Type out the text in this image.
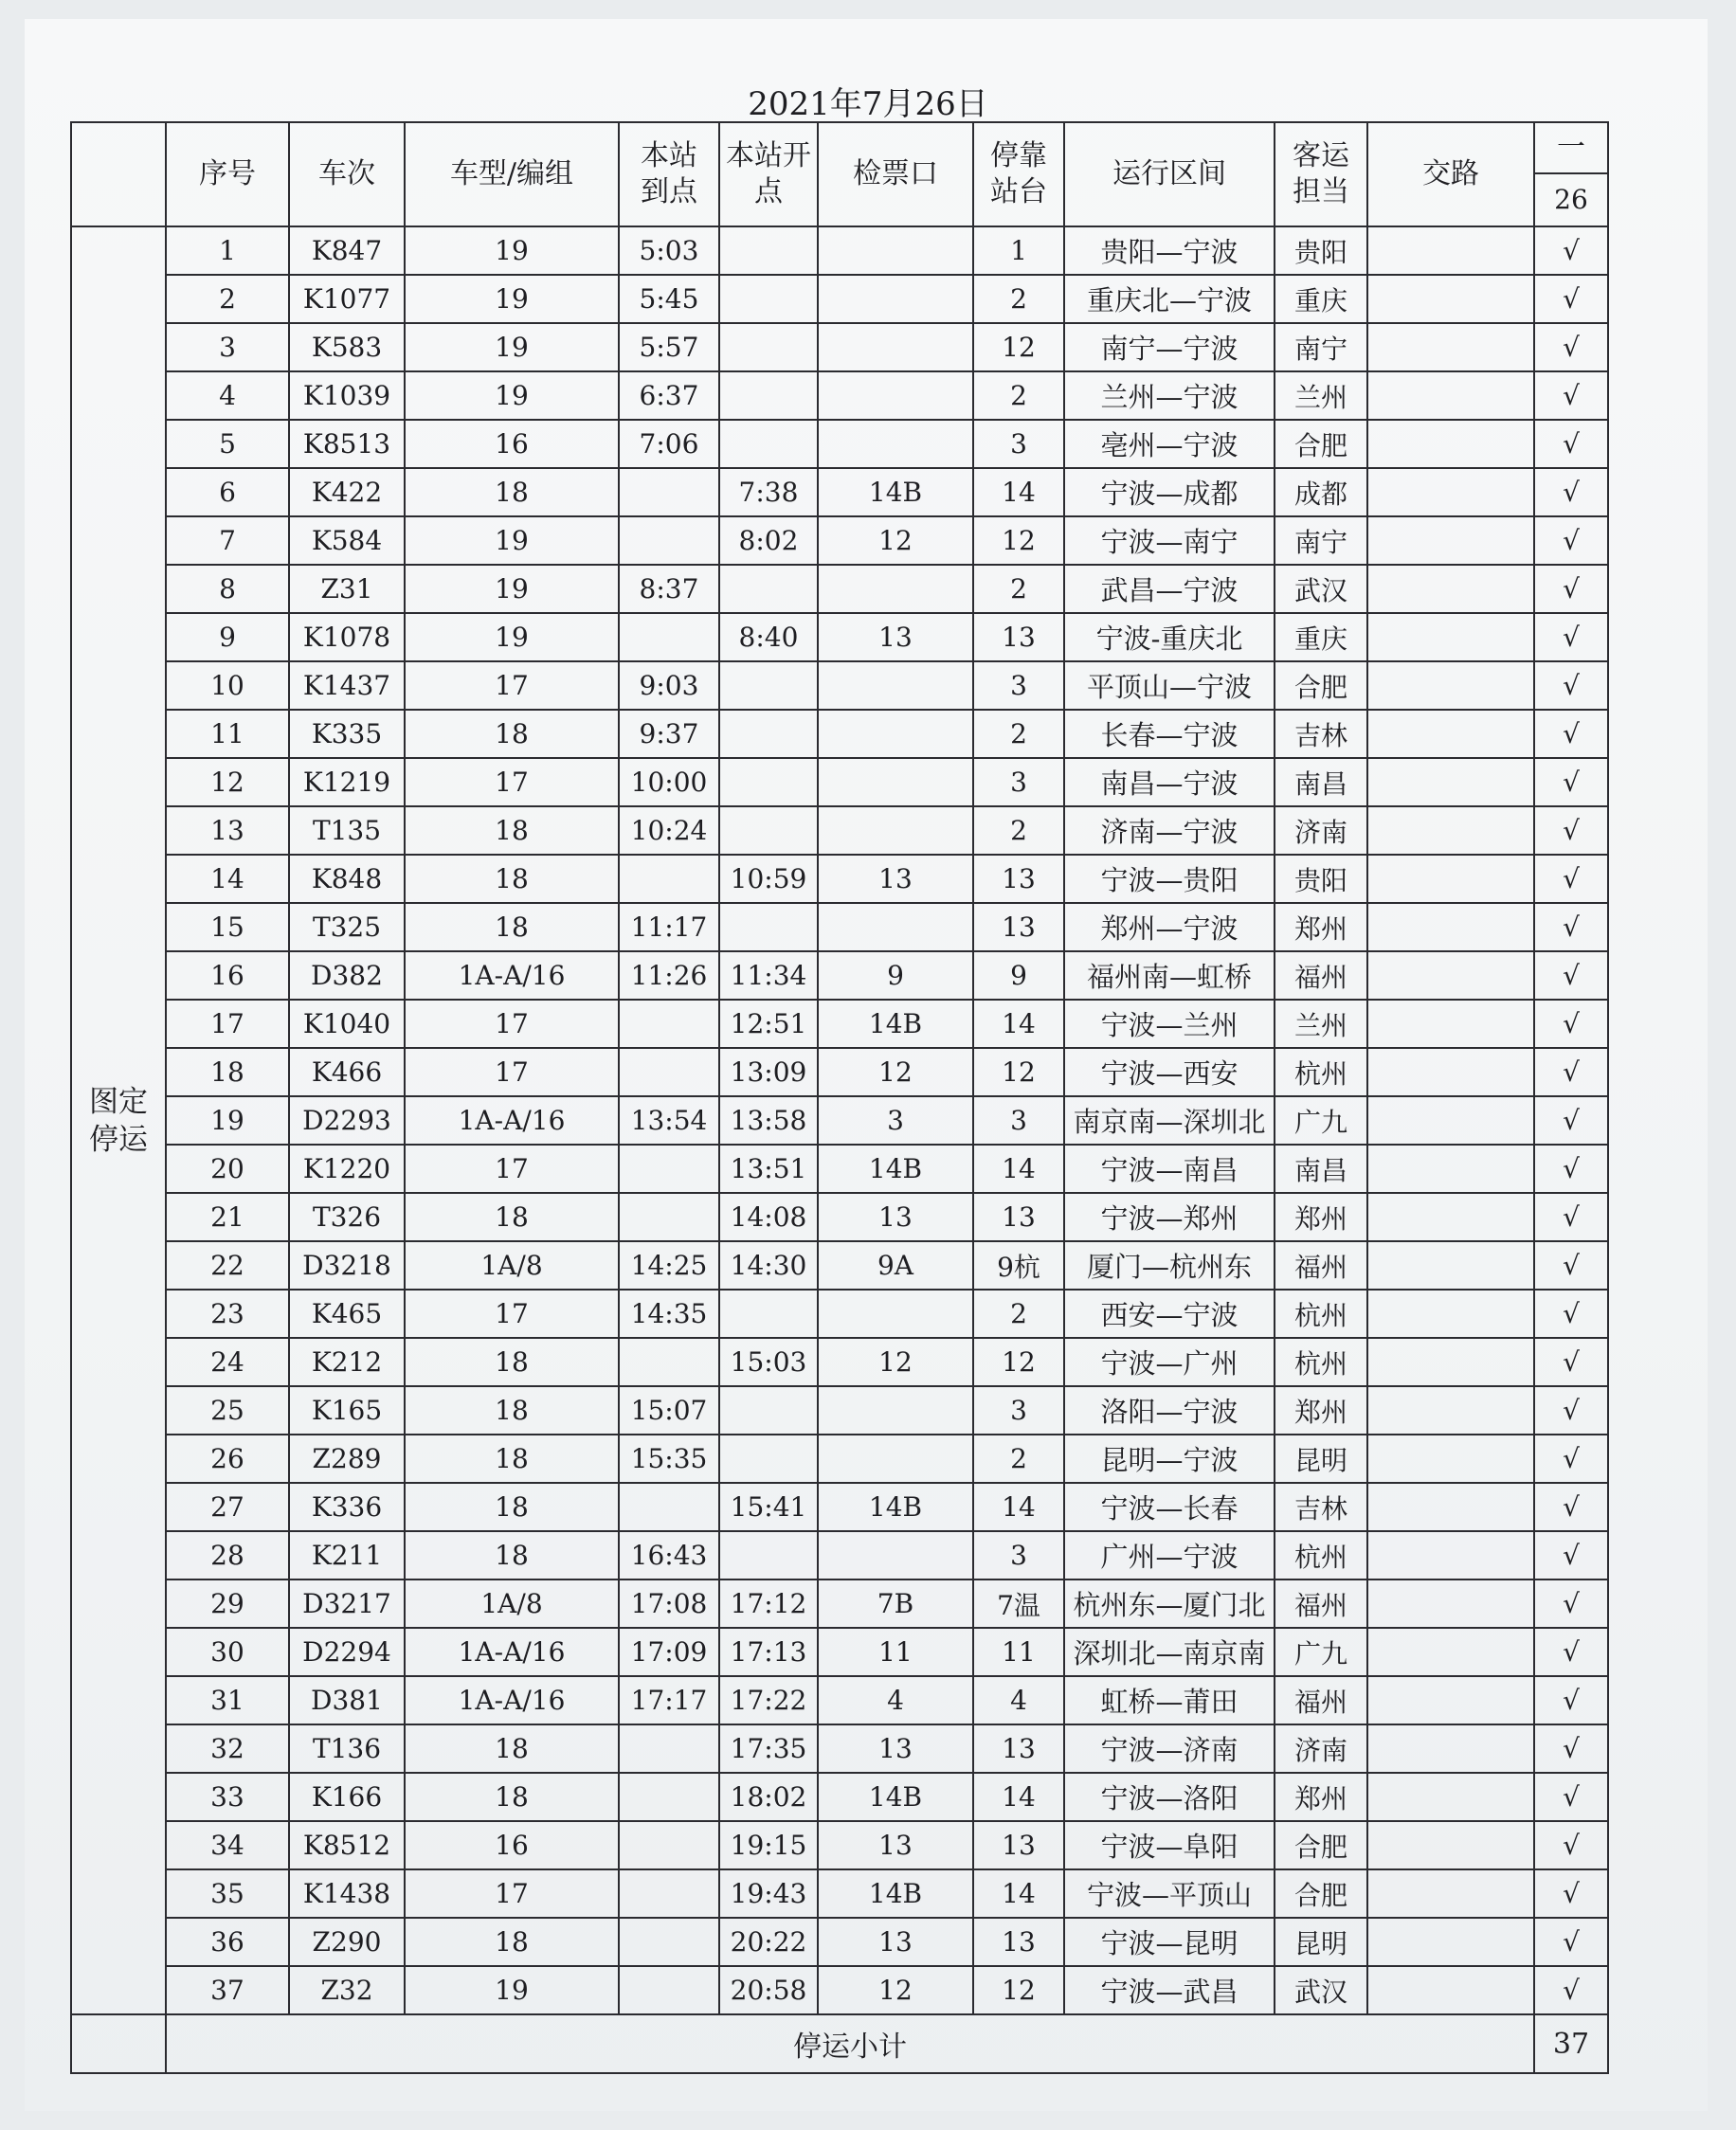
2021年7月26日
	序号	车次	车型/编组	本站到点	本站开点	检票口	停靠站台	运行区间	客运担当	交路	一
26

图定停运	1	K847	19	5:03			1	贵阳—宁波	贵阳		√
	2	K1077	19	5:45			2	重庆北—宁波	重庆		√
	3	K583	19	5:57			12	南宁—宁波	南宁		√
	4	K1039	19	6:37			2	兰州—宁波	兰州		√
	5	K8513	16	7:06			3	亳州—宁波	合肥		√
	6	K422	18		7:38	14B	14	宁波—成都	成都		√
	7	K584	19		8:02	12	12	宁波—南宁	南宁		√
	8	Z31	19	8:37			2	武昌—宁波	武汉		√
	9	K1078	19		8:40	13	13	宁波-重庆北	重庆		√
	10	K1437	17	9:03			3	平顶山—宁波	合肥		√
	11	K335	18	9:37			2	长春—宁波	吉林		√
	12	K1219	17	10:00			3	南昌—宁波	南昌		√
	13	T135	18	10:24			2	济南—宁波	济南		√
	14	K848	18		10:59	13	13	宁波—贵阳	贵阳		√
	15	T325	18	11:17			13	郑州—宁波	郑州		√
	16	D382	1A-A/16	11:26	11:34	9	9	福州南—虹桥	福州		√
	17	K1040	17		12:51	14B	14	宁波—兰州	兰州		√
	18	K466	17		13:09	12	12	宁波—西安	杭州		√
	19	D2293	1A-A/16	13:54	13:58	3	3	南京南—深圳北	广九		√
	20	K1220	17		13:51	14B	14	宁波—南昌	南昌		√
	21	T326	18		14:08	13	13	宁波—郑州	郑州		√
	22	D3218	1A/8	14:25	14:30	9A	9杭	厦门—杭州东	福州		√
	23	K465	17	14:35			2	西安—宁波	杭州		√
	24	K212	18		15:03	12	12	宁波—广州	杭州		√
	25	K165	18	15:07			3	洛阳—宁波	郑州		√
	26	Z289	18	15:35			2	昆明—宁波	昆明		√
	27	K336	18		15:41	14B	14	宁波—长春	吉林		√
	28	K211	18	16:43			3	广州—宁波	杭州		√
	29	D3217	1A/8	17:08	17:12	7B	7温	杭州东—厦门北	福州		√
	30	D2294	1A-A/16	17:09	17:13	11	11	深圳北—南京南	广九		√
	31	D381	1A-A/16	17:17	17:22	4	4	虹桥—莆田	福州		√
	32	T136	18		17:35	13	13	宁波—济南	济南		√
	33	K166	18		18:02	14B	14	宁波—洛阳	郑州		√
	34	K8512	16		19:15	13	13	宁波—阜阳	合肥		√
	35	K1438	17		19:43	14B	14	宁波—平顶山	合肥		√
	36	Z290	18		20:22	13	13	宁波—昆明	昆明		√
	37	Z32	19		20:58	12	12	宁波—武昌	武汉		√
	停运小计										37
